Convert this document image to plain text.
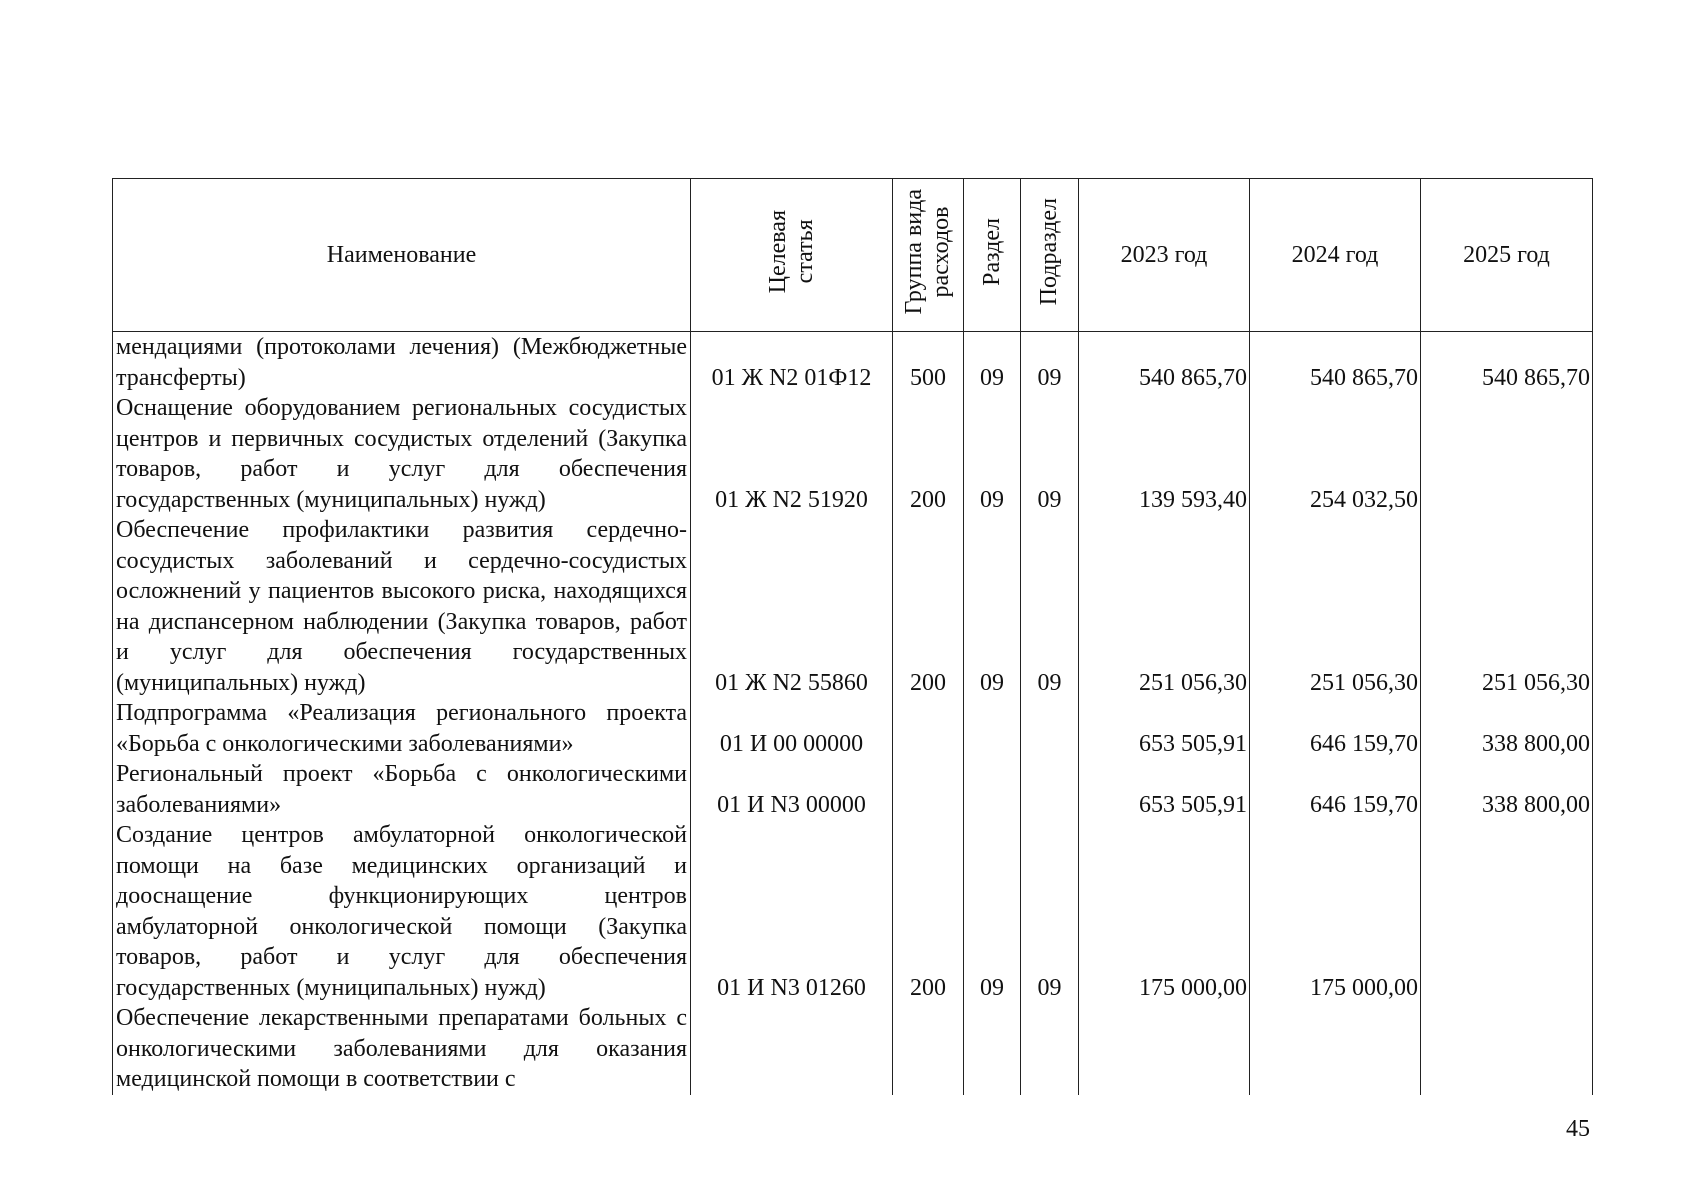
Наименование	Целевая статья	Группа вида расходов	Раздел	Подраздел	2023 год	2024 год	2025 год
мендациями (протоколами лечения) (Межбюджетные трансферты)	01 Ж N2 01Ф12	500	09	09	540 865,70	540 865,70	540 865,70
Оснащение оборудованием региональных сосудистых центров и первичных сосудистых отделений (Закупка товаров, работ и услуг для обеспечения государственных (муниципальных) нужд)	01 Ж N2 51920	200	09	09	139 593,40	254 032,50	
Обеспечение профилактики развития сердечно-сосудистых заболеваний и сердечно-сосудистых осложнений у пациентов высокого риска, находящихся на диспансерном наблюдении (Закупка товаров, работ и услуг для обеспечения государственных (муниципальных) нужд)	01 Ж N2 55860	200	09	09	251 056,30	251 056,30	251 056,30
Подпрограмма «Реализация регионального проекта «Борьба с онкологическими заболеваниями»	01 И 00 00000				653 505,91	646 159,70	338 800,00
Региональный проект «Борьба с онкологическими заболеваниями»	01 И N3 00000				653 505,91	646 159,70	338 800,00
Создание центров амбулаторной онкологической помощи на базе медицинских организаций и дооснащение функционирующих центров амбулаторной онкологической помощи (Закупка товаров, работ и услуг для обеспечения государственных (муниципальных) нужд)	01 И N3 01260	200	09	09	175 000,00	175 000,00	
Обеспечение лекарственными препаратами больных с онкологическими заболеваниями для оказания медицинской помощи в соответствии с							
45
